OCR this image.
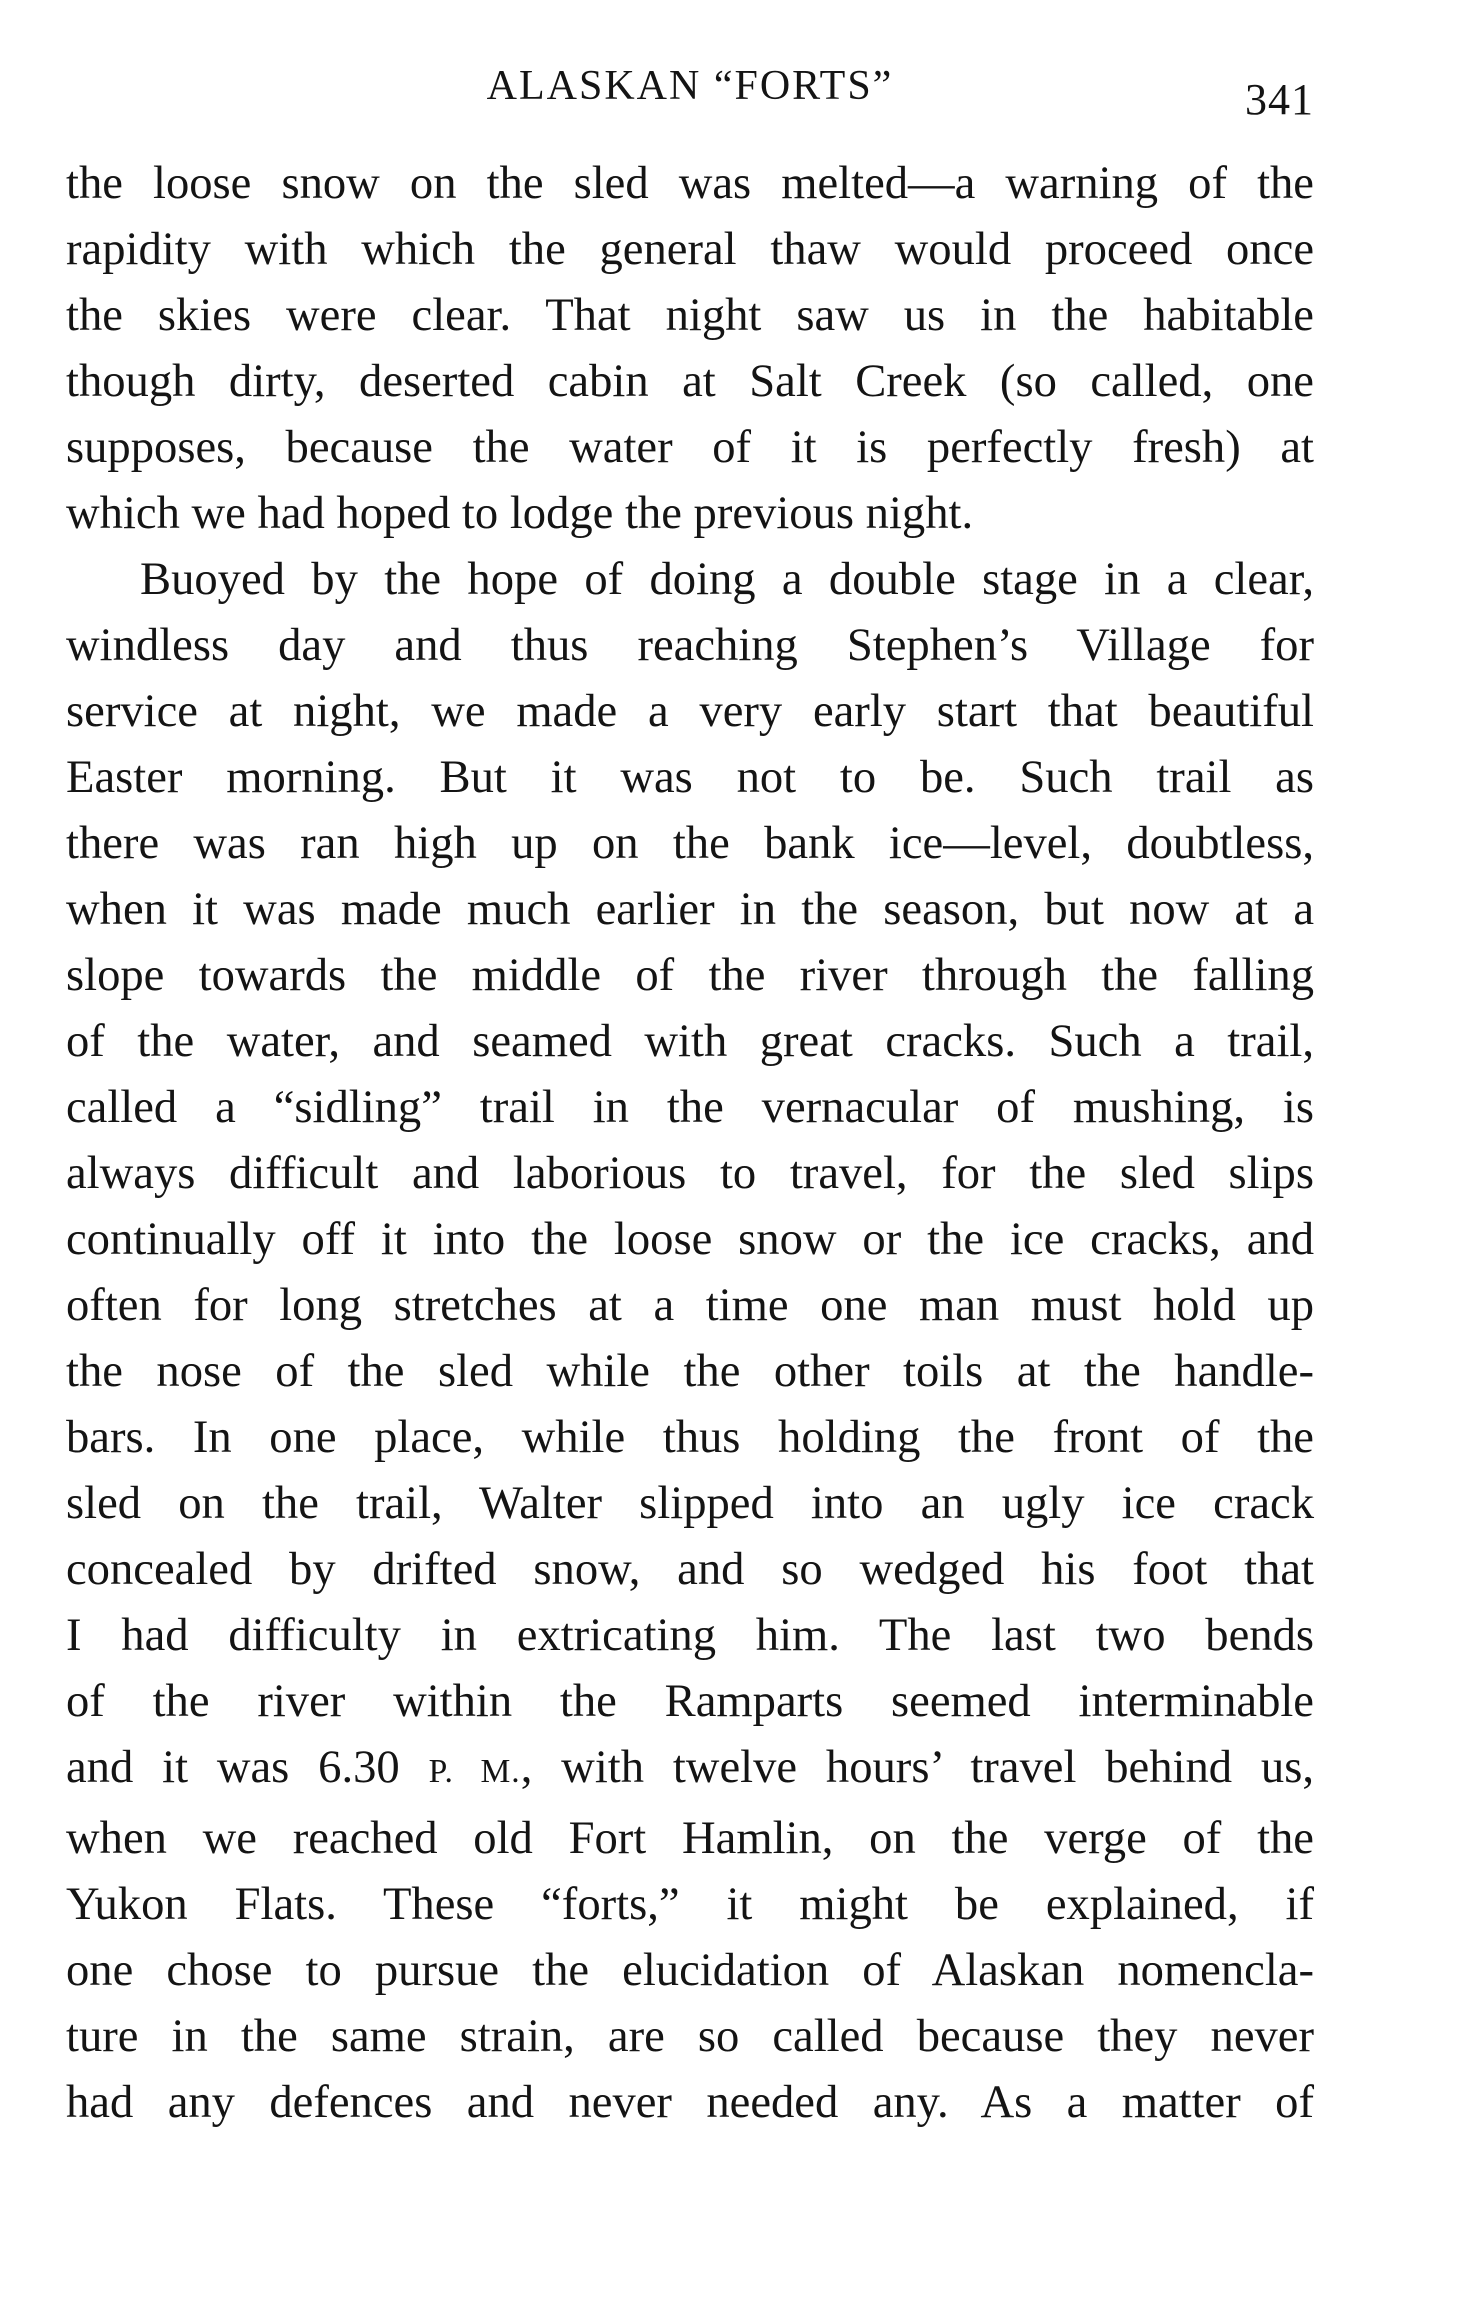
ALASKAN “FORTS”	341
the loose snow on the sled was melted—a warning of the
rapidity with which the general thaw would proceed once
the skies were clear. That night saw us in the habitable
though dirty, deserted cabin at Salt Creek (so called, one
supposes, because the water of it is perfectly fresh) at
which we had hoped to lodge the previous night.
Buoyed by the hope of doing a double stage in a clear,
windless day and thus reaching Stephen’s Village for
service at night, we made a very early start that beautiful
Easter morning. But it was not to be. Such trail as
there was ran high up on the bank ice—level, doubtless,
when it was made much earlier in the season, but now at a
slope towards the middle of the river through the falling
of the water, and seamed with great cracks. Such a trail,
called a “sidling” trail in the vernacular of mushing, is
always difficult and laborious to travel, for the sled slips
continually off it into the loose snow or the ice cracks, and
often for long stretches at a time one man must hold up
the nose of the sled while the other toils at the handle-
bars. In one place, while thus holding the front of the
sled on the trail, Walter slipped into an ugly ice crack
concealed by drifted snow, and so wedged his foot that
I had difficulty in extricating him. The last two bends
of the river within the Ramparts seemed interminable
and it was 6.30 P. M., with twelve hours’ travel behind us,
when we reached old Fort Hamlin, on the verge of the
Yukon Flats. These “forts,” it might be explained, if
one chose to pursue the elucidation of Alaskan nomencla-
ture in the same strain, are so called because they never
had any defences and never needed any. As a matter of
